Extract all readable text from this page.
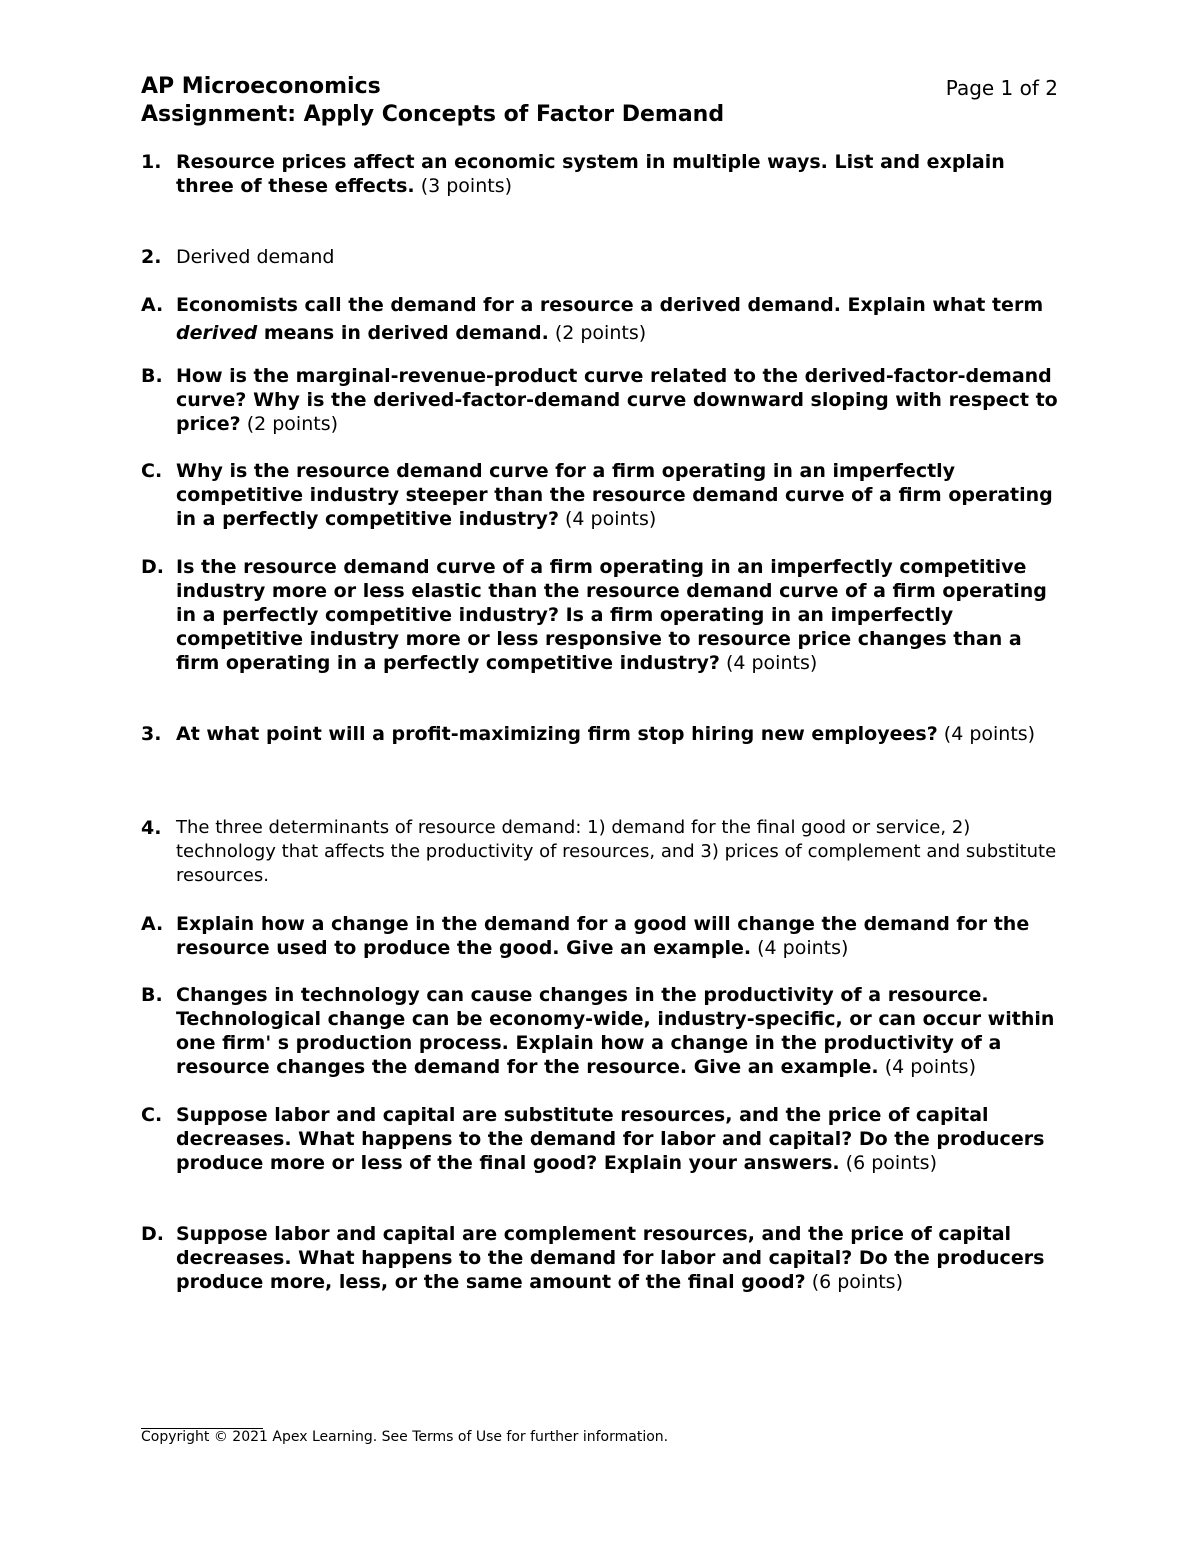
AP Microeconomics	Page 1 of 2
Assignment: Apply Concepts of Factor Demand
1. Resource prices affect an economic system in multiple ways. List and explain three of these effects. (3 points)
2. Derived demand
A. Economists call the demand for a resource a derived demand. Explain what term derived means in derived demand. (2 points)
B. How is the marginal-revenue-product curve related to the derived-factor-demand curve? Why is the derived-factor-demand curve downward sloping with respect to price? (2 points)
C. Why is the resource demand curve for a firm operating in an imperfectly competitive industry steeper than the resource demand curve of a firm operating in a perfectly competitive industry? (4 points)
D. Is the resource demand curve of a firm operating in an imperfectly competitive industry more or less elastic than the resource demand curve of a firm operating in a perfectly competitive industry? Is a firm operating in an imperfectly competitive industry more or less responsive to resource price changes than a firm operating in a perfectly competitive industry? (4 points)
3. At what point will a profit-maximizing firm stop hiring new employees? (4 points)
4. The three determinants of resource demand: 1) demand for the final good or service, 2) technology that affects the productivity of resources, and 3) prices of complement and substitute resources.
A. Explain how a change in the demand for a good will change the demand for the resource used to produce the good. Give an example. (4 points)
B. Changes in technology can cause changes in the productivity of a resource. Technological change can be economy-wide, industry-specific, or can occur within one firm' s production process. Explain how a change in the productivity of a resource changes the demand for the resource. Give an example. (4 points)
C. Suppose labor and capital are substitute resources, and the price of capital decreases. What happens to the demand for labor and capital? Do the producers produce more or less of the final good? Explain your answers. (6 points)
D. Suppose labor and capital are complement resources, and the price of capital decreases. What happens to the demand for labor and capital? Do the producers produce more, less, or the same amount of the final good? (6 points)
Copyright © 2021 Apex Learning. See Terms of Use for further information.
